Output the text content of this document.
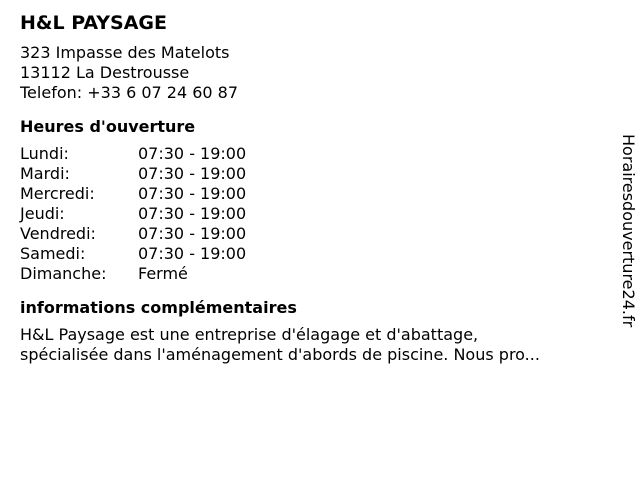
H&L PAYSAGE
323 Impasse des Matelots
13112 La Destrousse
Telefon: +33 6 07 24 60 87
Heures d'ouverture
Lundi:	07:30 - 19:00
Mardi:	07:30 - 19:00
Mercredi:	07:30 - 19:00
Jeudi:	07:30 - 19:00
Vendredi:	07:30 - 19:00
Samedi:	07:30 - 19:00
Dimanche: Fermé
informations complémentaires
H&L Paysage est une entreprise d'élagage et d'abattage,
spécialisée dans l'aménagement d'abords de piscine. Nous pro...
Horairesdouverture24.fr
